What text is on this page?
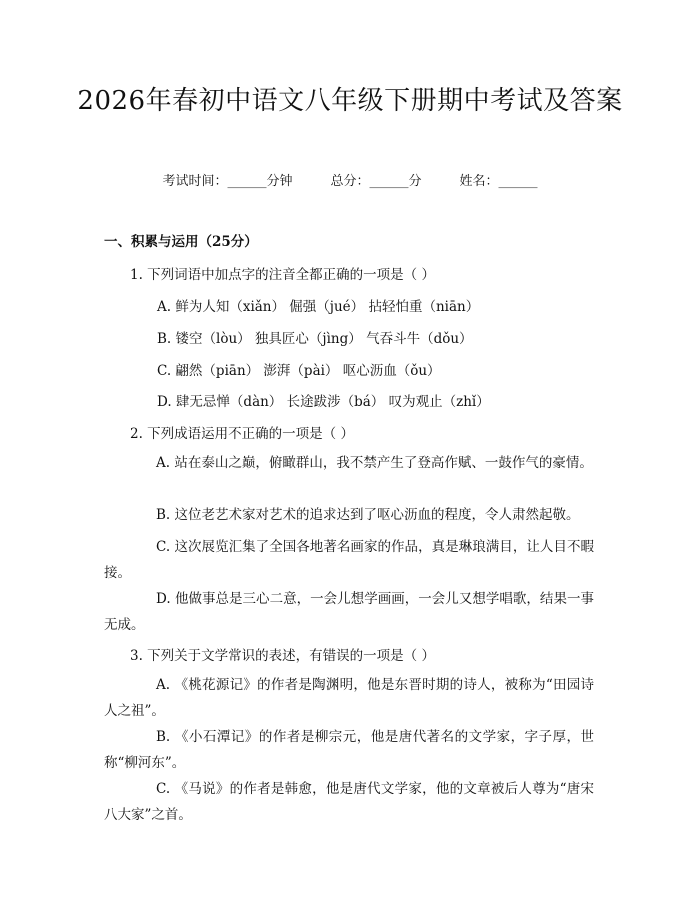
2026年春初中语文八年级下册期中考试及答案
考试时间：______分钟	总分：______分	姓名：______
一、积累与运用（25分）
1. 下列词语中加点字的注音全都正确的一项是（ ）
A. 鲜为人知（xiǎn） 倔强（jué） 拈轻怕重（niān）
B. 镂空（lòu） 独具匠心（jìng） 气吞斗牛（dǒu）
C. 翩然（piān） 澎湃（pài） 呕心沥血（ǒu）
D. 肆无忌惮（dàn） 长途跋涉（bá） 叹为观止（zhǐ）
2. 下列成语运用不正确的一项是（ ）
A. 站在泰山之巅，俯瞰群山，我不禁产生了登高作赋、一鼓作气的豪情。
B. 这位老艺术家对艺术的追求达到了呕心沥血的程度，令人肃然起敬。
C. 这次展览汇集了全国各地著名画家的作品，真是琳琅满目，让人目不暇接。
D. 他做事总是三心二意，一会儿想学画画，一会儿又想学唱歌，结果一事无成。
3. 下列关于文学常识的表述，有错误的一项是（ ）
A. 《桃花源记》的作者是陶渊明，他是东晋时期的诗人，被称为“田园诗人之祖”。
B. 《小石潭记》的作者是柳宗元，他是唐代著名的文学家，字子厚，世称“柳河东”。
C. 《马说》的作者是韩愈，他是唐代文学家，他的文章被后人尊为“唐宋八大家”之首。
